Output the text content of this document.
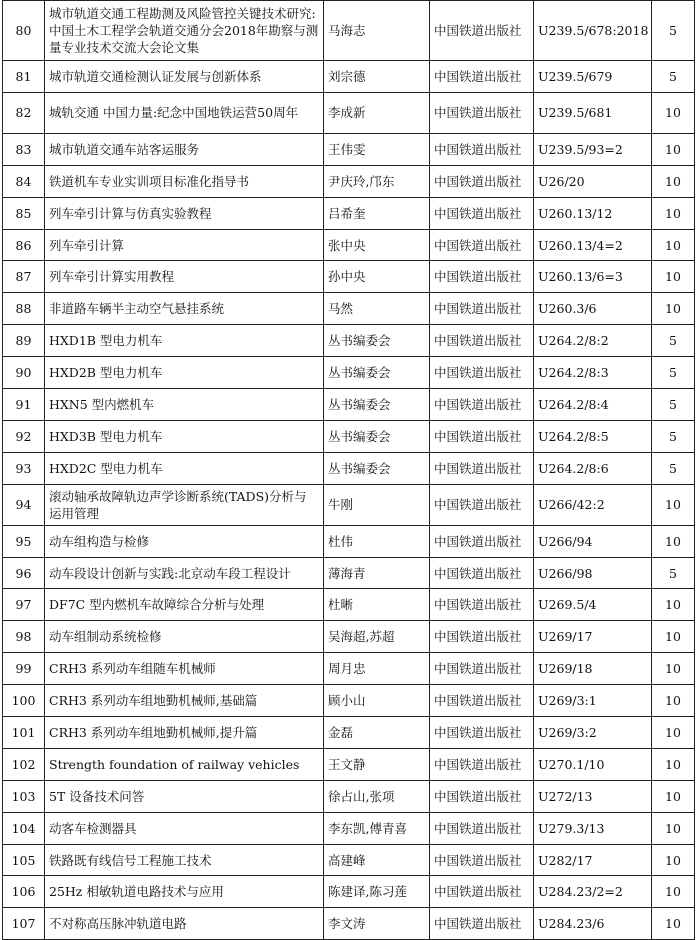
80	城市轨道交通工程勘测及风险管控关键技术研究:中国土木工程学会轨道交通分会2018年勘察与测量专业技术交流大会论文集	马海志	中国铁道出版社	U239.5/678:2018	5
81	城市轨道交通检测认证发展与创新体系	刘宗德	中国铁道出版社	U239.5/679	5
82	城轨交通 中国力量:纪念中国地铁运营50周年	李成新	中国铁道出版社	U239.5/681	10
83	城市轨道交通车站客运服务	王伟雯	中国铁道出版社	U239.5/93=2	10
84	铁道机车专业实训项目标准化指导书	尹庆玲,邝东	中国铁道出版社	U26/20	10
85	列车牵引计算与仿真实验教程	吕希奎	中国铁道出版社	U260.13/12	10
86	列车牵引计算	张中央	中国铁道出版社	U260.13/4=2	10
87	列车牵引计算实用教程	孙中央	中国铁道出版社	U260.13/6=3	10
88	非道路车辆半主动空气悬挂系统	马然	中国铁道出版社	U260.3/6	10
89	HXD1B 型电力机车	丛书编委会	中国铁道出版社	U264.2/8:2	5
90	HXD2B 型电力机车	丛书编委会	中国铁道出版社	U264.2/8:3	5
91	HXN5 型内燃机车	丛书编委会	中国铁道出版社	U264.2/8:4	5
92	HXD3B 型电力机车	丛书编委会	中国铁道出版社	U264.2/8:5	5
93	HXD2C 型电力机车	丛书编委会	中国铁道出版社	U264.2/8:6	5
94	滚动轴承故障轨边声学诊断系统(TADS)分析与运用管理	牛刚	中国铁道出版社	U266/42:2	10
95	动车组构造与检修	杜伟	中国铁道出版社	U266/94	10
96	动车段设计创新与实践:北京动车段工程设计	薄海青	中国铁道出版社	U266/98	5
97	DF7C 型内燃机车故障综合分析与处理	杜晰	中国铁道出版社	U269.5/4	10
98	动车组制动系统检修	吴海超,苏超	中国铁道出版社	U269/17	10
99	CRH3 系列动车组随车机械师	周月忠	中国铁道出版社	U269/18	10
100	CRH3 系列动车组地勤机械师,基础篇	顾小山	中国铁道出版社	U269/3:1	10
101	CRH3 系列动车组地勤机械师,提升篇	金磊	中国铁道出版社	U269/3:2	10
102	Strength foundation of railway vehicles	王文静	中国铁道出版社	U270.1/10	10
103	5T 设备技术问答	徐占山,张项	中国铁道出版社	U272/13	10
104	动客车检测器具	李东凯,傅青喜	中国铁道出版社	U279.3/13	10
105	铁路既有线信号工程施工技术	高建峰	中国铁道出版社	U282/17	10
106	25Hz 相敏轨道电路技术与应用	陈建译,陈习莲	中国铁道出版社	U284.23/2=2	10
107	不对称高压脉冲轨道电路	李文涛	中国铁道出版社	U284.23/6	10
